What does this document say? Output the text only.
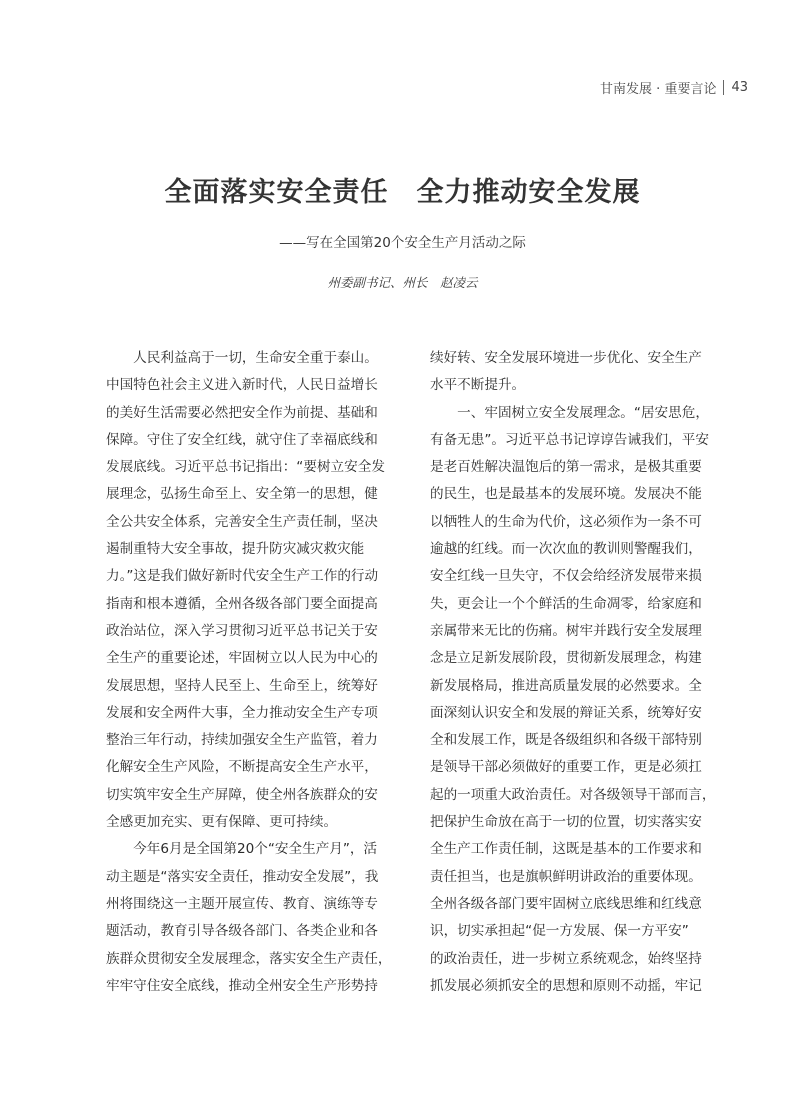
甘南发展 · 重要言论 43
全面落实安全责任　全力推动安全发展
——写在全国第20个安全生产月活动之际
州委副书记、州长　赵凌云
　　人民利益高于一切，生命安全重于泰山。
中国特色社会主义进入新时代，人民日益增长
的美好生活需要必然把安全作为前提、基础和
保障。守住了安全红线，就守住了幸福底线和
发展底线。习近平总书记指出：“要树立安全发
展理念，弘扬生命至上、安全第一的思想，健
全公共安全体系，完善安全生产责任制，坚决
遏制重特大安全事故，提升防灾减灾救灾能
力。”这是我们做好新时代安全生产工作的行动
指南和根本遵循，全州各级各部门要全面提高
政治站位，深入学习贯彻习近平总书记关于安
全生产的重要论述，牢固树立以人民为中心的
发展思想，坚持人民至上、生命至上，统筹好
发展和安全两件大事，全力推动安全生产专项
整治三年行动，持续加强安全生产监管，着力
化解安全生产风险，不断提高安全生产水平，
切实筑牢安全生产屏障，使全州各族群众的安
全感更加充实、更有保障、更可持续。
　　今年6月是全国第20个“安全生产月”，活
动主题是“落实安全责任，推动安全发展”，我
州将围绕这一主题开展宣传、教育、演练等专
题活动，教育引导各级各部门、各类企业和各
族群众贯彻安全发展理念，落实安全生产责任，
牢牢守住安全底线，推动全州安全生产形势持
续好转、安全发展环境进一步优化、安全生产
水平不断提升。
　　一、牢固树立安全发展理念。“居安思危，
有备无患”。习近平总书记谆谆告诫我们，平安
是老百姓解决温饱后的第一需求，是极其重要
的民生，也是最基本的发展环境。发展决不能
以牺牲人的生命为代价，这必须作为一条不可
逾越的红线。而一次次血的教训则警醒我们，
安全红线一旦失守，不仅会给经济发展带来损
失，更会让一个个鲜活的生命凋零，给家庭和
亲属带来无比的伤痛。树牢并践行安全发展理
念是立足新发展阶段，贯彻新发展理念，构建
新发展格局，推进高质量发展的必然要求。全
面深刻认识安全和发展的辩证关系，统筹好安
全和发展工作，既是各级组织和各级干部特别
是领导干部必须做好的重要工作，更是必须扛
起的一项重大政治责任。对各级领导干部而言，
把保护生命放在高于一切的位置，切实落实安
全生产工作责任制，这既是基本的工作要求和
责任担当，也是旗帜鲜明讲政治的重要体现。
全州各级各部门要牢固树立底线思维和红线意
识，切实承担起“促一方发展、保一方平安”
的政治责任，进一步树立系统观念，始终坚持
抓发展必须抓安全的思想和原则不动摇，牢记
